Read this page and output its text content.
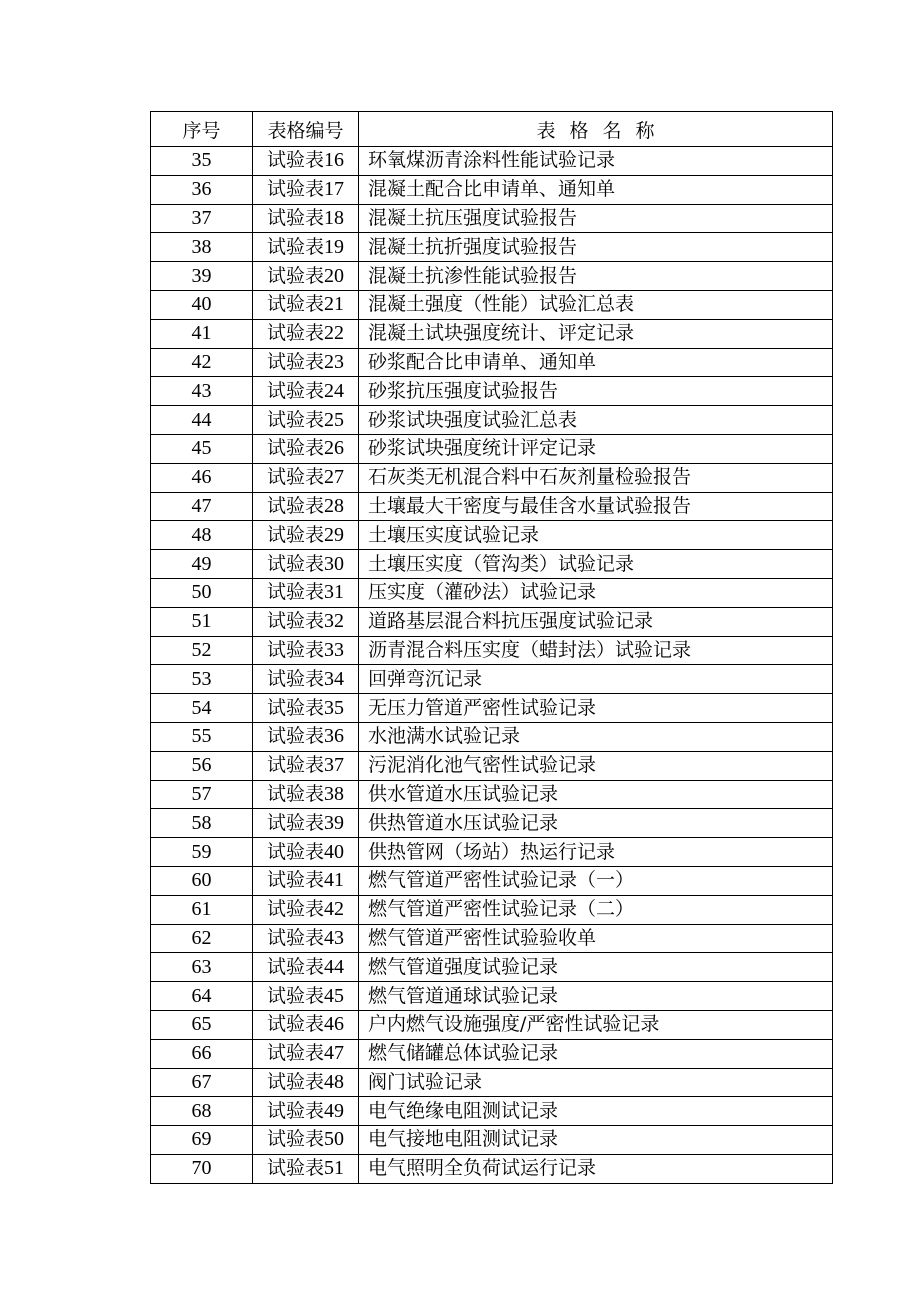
序号	表格编号	表格名称
35	试验表16	环氧煤沥青涂料性能试验记录
36	试验表17	混凝土配合比申请单、通知单
37	试验表18	混凝土抗压强度试验报告
38	试验表19	混凝土抗折强度试验报告
39	试验表20	混凝土抗渗性能试验报告
40	试验表21	混凝土强度（性能）试验汇总表
41	试验表22	混凝土试块强度统计、评定记录
42	试验表23	砂浆配合比申请单、通知单
43	试验表24	砂浆抗压强度试验报告
44	试验表25	砂浆试块强度试验汇总表
45	试验表26	砂浆试块强度统计评定记录
46	试验表27	石灰类无机混合料中石灰剂量检验报告
47	试验表28	土壤最大干密度与最佳含水量试验报告
48	试验表29	土壤压实度试验记录
49	试验表30	土壤压实度（管沟类）试验记录
50	试验表31	压实度（灌砂法）试验记录
51	试验表32	道路基层混合料抗压强度试验记录
52	试验表33	沥青混合料压实度（蜡封法）试验记录
53	试验表34	回弹弯沉记录
54	试验表35	无压力管道严密性试验记录
55	试验表36	水池满水试验记录
56	试验表37	污泥消化池气密性试验记录
57	试验表38	供水管道水压试验记录
58	试验表39	供热管道水压试验记录
59	试验表40	供热管网（场站）热运行记录
60	试验表41	燃气管道严密性试验记录（一）
61	试验表42	燃气管道严密性试验记录（二）
62	试验表43	燃气管道严密性试验验收单
63	试验表44	燃气管道强度试验记录
64	试验表45	燃气管道通球试验记录
65	试验表46	户内燃气设施强度/严密性试验记录
66	试验表47	燃气储罐总体试验记录
67	试验表48	阀门试验记录
68	试验表49	电气绝缘电阻测试记录
69	试验表50	电气接地电阻测试记录
70	试验表51	电气照明全负荷试运行记录
